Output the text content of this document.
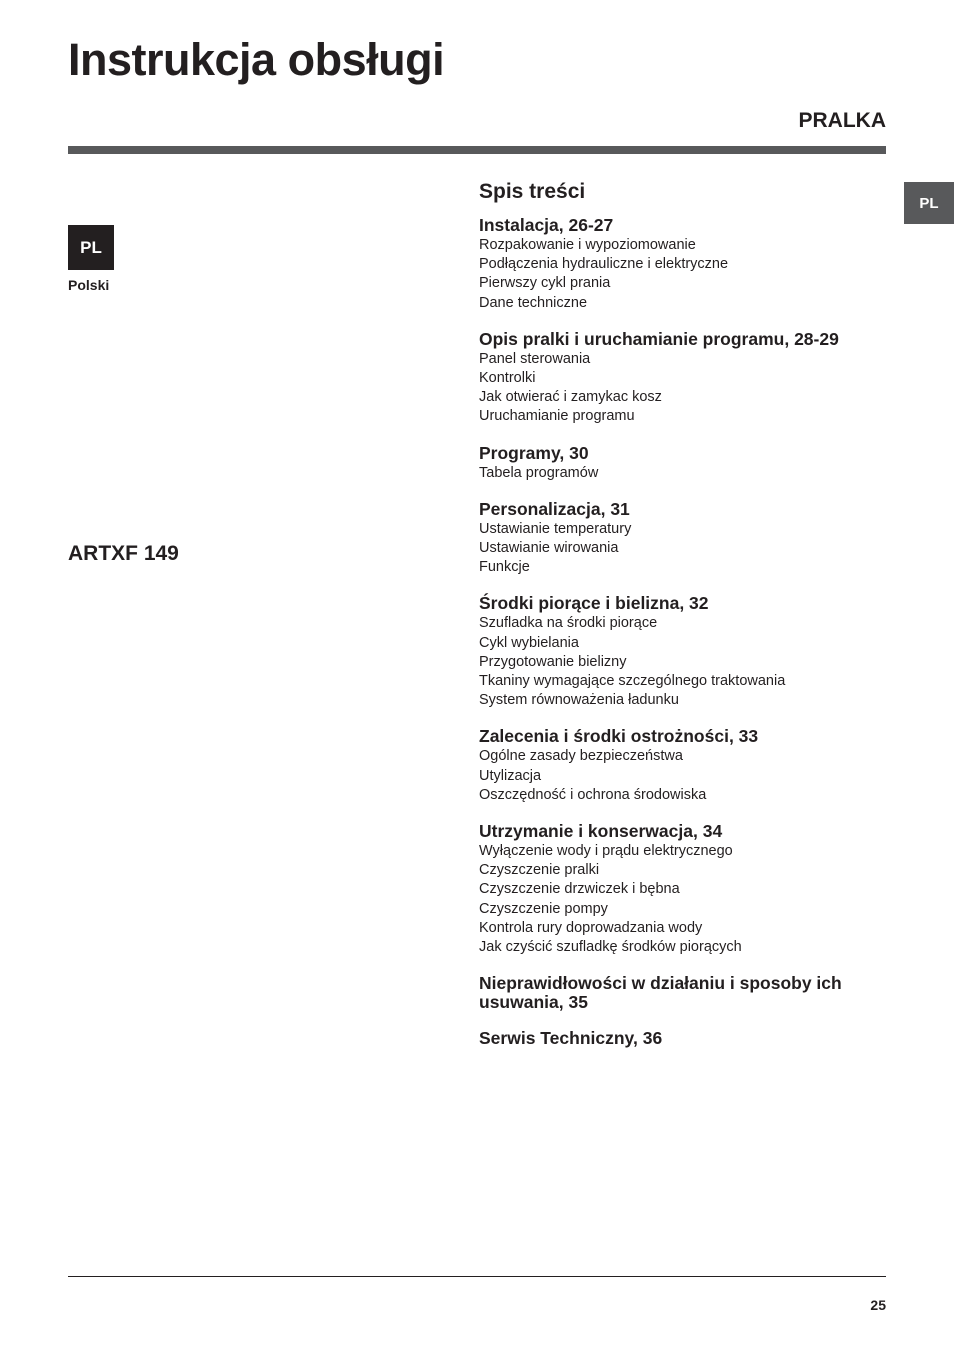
Instrukcja obsługi
PRALKA
PL
Polski
ARTXF 149
PL
Spis treści
Instalacja, 26-27
Rozpakowanie i wypoziomowanie
Podłączenia hydrauliczne i elektryczne
Pierwszy cykl prania
Dane techniczne
Opis pralki i uruchamianie programu, 28-29
Panel sterowania
Kontrolki
Jak otwierać i zamykac kosz
Uruchamianie programu
Programy, 30
Tabela programów
Personalizacja, 31
Ustawianie temperatury
Ustawianie wirowania
Funkcje
Środki piorące i bielizna, 32
Szufladka na środki piorące
Cykl wybielania
Przygotowanie bielizny
Tkaniny wymagające szczególnego traktowania
System równoważenia ładunku
Zalecenia i środki ostrożności, 33
Ogólne zasady bezpieczeństwa
Utylizacja
Oszczędność i ochrona środowiska
Utrzymanie i konserwacja, 34
Wyłączenie wody i prądu elektrycznego
Czyszczenie pralki
Czyszczenie drzwiczek i bębna
Czyszczenie pompy
Kontrola rury doprowadzania wody
Jak czyścić szufladkę środków piorących
Nieprawidłowości w działaniu i sposoby ich usuwania, 35
Serwis Techniczny, 36
25
